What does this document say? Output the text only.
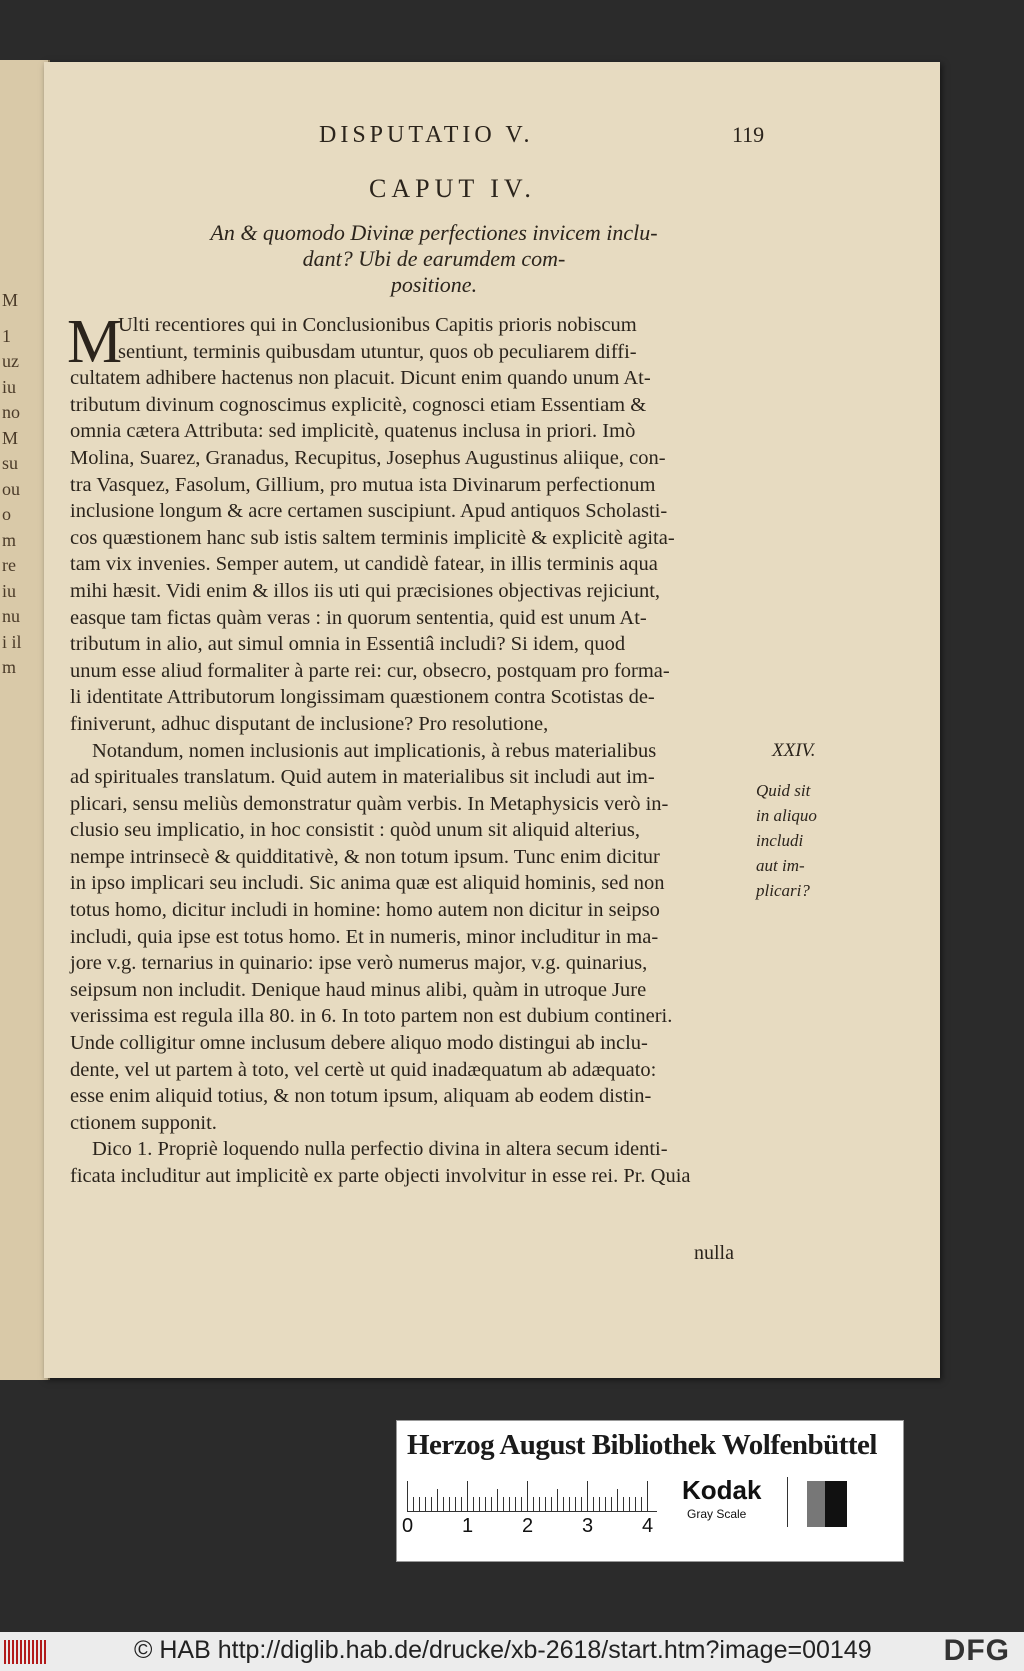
M
1
uz
iu
no
M
su
ou
o
m
re
iu
nu
i il
m
DISPUTATIO V.	119
CAPUT IV.
An & quomodo Divinæ perfectiones invicem inclu-
dant? Ubi de earumdem com-
positione.
M
Ulti recentiores qui in Conclusionibus Capitis prioris nobiscum
sentiunt, terminis quibusdam utuntur, quos ob peculiarem diffi-
cultatem adhibere hactenus non placuit. Dicunt enim quando unum At-
tributum divinum cognoscimus explicitè, cognosci etiam Essentiam &
omnia cætera Attributa: sed implicitè, quatenus inclusa in priori. Imò
Molina, Suarez, Granadus, Recupitus, Josephus Augustinus aliique, con-
tra Vasquez, Fasolum, Gillium, pro mutua ista Divinarum perfectionum
inclusione longum & acre certamen suscipiunt. Apud antiquos Scholasti-
cos quæstionem hanc sub istis saltem terminis implicitè & explicitè agita-
tam vix invenies. Semper autem, ut candidè fatear, in illis terminis aqua
mihi hæsit. Vidi enim & illos iis uti qui præcisiones objectivas rejiciunt,
easque tam fictas quàm veras : in quorum sententia, quid est unum At-
tributum in alio, aut simul omnia in Essentiâ includi? Si idem, quod
unum esse aliud formaliter à parte rei: cur, obsecro, postquam pro forma-
li identitate Attributorum longissimam quæstionem contra Scotistas de-
finiverunt, adhuc disputant de inclusione? Pro resolutione,
Notandum, nomen inclusionis aut implicationis, à rebus materialibus
ad spirituales translatum. Quid autem in materialibus sit includi aut im-
plicari, sensu meliùs demonstratur quàm verbis. In Metaphysicis verò in-
clusio seu implicatio, in hoc consistit : quòd unum sit aliquid alterius,
nempe intrinsecè & quidditativè, & non totum ipsum. Tunc enim dicitur
in ipso implicari seu includi. Sic anima quæ est aliquid hominis, sed non
totus homo, dicitur includi in homine: homo autem non dicitur in seipso
includi, quia ipse est totus homo. Et in numeris, minor includitur in ma-
jore v.g. ternarius in quinario: ipse verò numerus major, v.g. quinarius,
seipsum non includit. Denique haud minus alibi, quàm in utroque Jure
verissima est regula illa 80. in 6. In toto partem non est dubium contineri.
Unde colligitur omne inclusum debere aliquo modo distingui ab inclu-
dente, vel ut partem à toto, vel certè ut quid inadæquatum ab adæquato:
esse enim aliquid totius, & non totum ipsum, aliquam ab eodem distin-
ctionem supponit.
Dico 1. Propriè loquendo nulla perfectio divina in altera secum identi-
ficata includitur aut implicitè ex parte objecti involvitur in esse rei. Pr. Quia
XXIV.
Quid sit
in aliquo
includi
aut im-
plicari?
nulla
Herzog August Bibliothek Wolfenbüttel
0 1 2 3 4
Kodak
Gray Scale
© HAB http://diglib.hab.de/drucke/xb-2618/start.htm?image=00149 DFG
